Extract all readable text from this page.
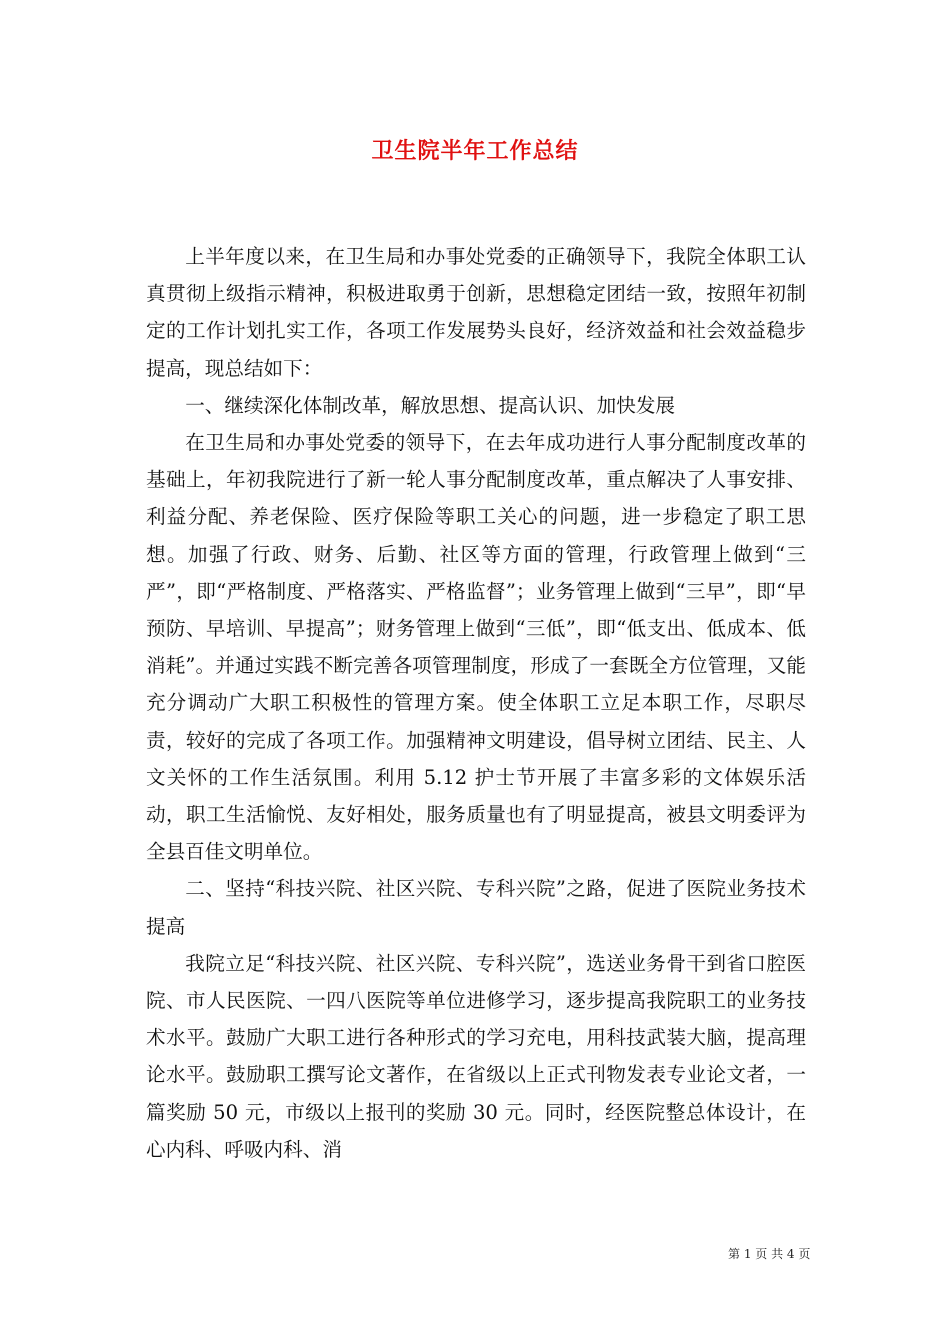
卫生院半年工作总结

上半年度以来，在卫生局和办事处党委的正确领导下，我院全体职工认真贯彻上级指示精神，积极进取勇于创新，思想稳定团结一致，按照年初制定的工作计划扎实工作，各项工作发展势头良好，经济效益和社会效益稳步提高，现总结如下：

一、继续深化体制改革，解放思想、提高认识、加快发展

在卫生局和办事处党委的领导下，在去年成功进行人事分配制度改革的基础上，年初我院进行了新一轮人事分配制度改革，重点解决了人事安排、利益分配、养老保险、医疗保险等职工关心的问题，进一步稳定了职工思想。加强了行政、财务、后勤、社区等方面的管理，行政管理上做到“三严”，即“严格制度、严格落实、严格监督”；业务管理上做到“三早”，即“早预防、早培训、早提高”；财务管理上做到“三低”，即“低支出、低成本、低消耗”。并通过实践不断完善各项管理制度，形成了一套既全方位管理，又能充分调动广大职工积极性的管理方案。使全体职工立足本职工作，尽职尽责，较好的完成了各项工作。加强精神文明建设，倡导树立团结、民主、人文关怀的工作生活氛围。利用 5.12 护士节开展了丰富多彩的文体娱乐活动，职工生活愉悦、友好相处，服务质量也有了明显提高，被县文明委评为全县百佳文明单位。

二、坚持“科技兴院、社区兴院、专科兴院”之路，促进了医院业务技术提高

我院立足“科技兴院、社区兴院、专科兴院”，选送业务骨干到省口腔医院、市人民医院、一四八医院等单位进修学习，逐步提高我院职工的业务技术水平。鼓励广大职工进行各种形式的学习充电，用科技武装大脑，提高理论水平。鼓励职工撰写论文著作，在省级以上正式刊物发表专业论文者，一篇奖励 50 元，市级以上报刊的奖励 30 元。同时，经医院整总体设计，在心内科、呼吸内科、消

第 1 页 共 4 页
